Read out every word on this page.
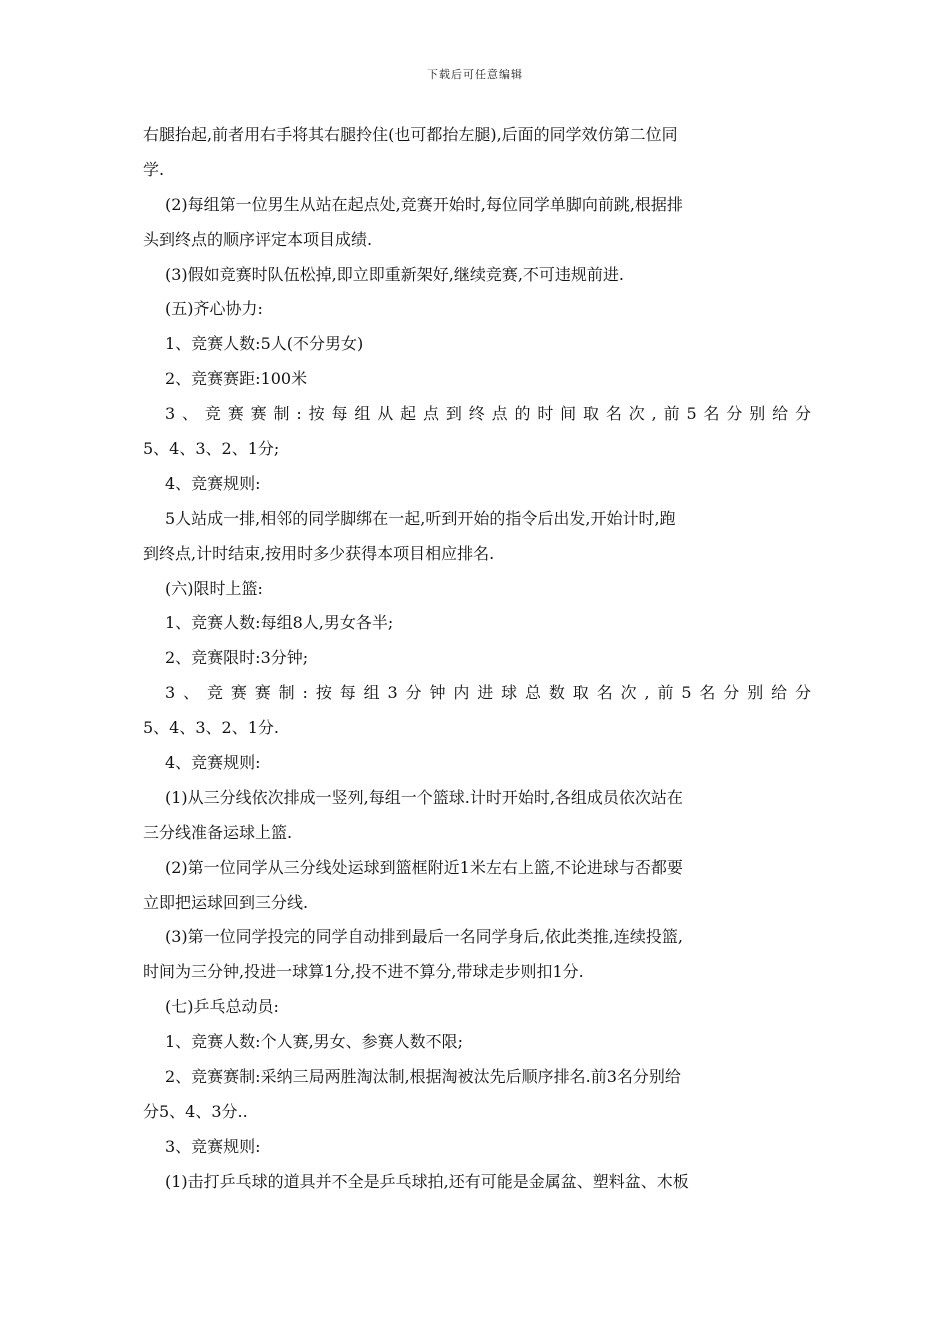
下载后可任意编辑
右腿抬起,前者用右手将其右腿拎住(也可都抬左腿),后面的同学效仿第二位同
学.
(2)每组第一位男生从站在起点处,竞赛开始时,每位同学单脚向前跳,根据排
头到终点的顺序评定本项目成绩.
(3)假如竞赛时队伍松掉,即立即重新架好,继续竞赛,不可违规前进.
(五)齐心协力:
1、竞赛人数:5人(不分男女)
2、竞赛赛距:100米
3、竞赛赛制:按每组从起点到终点的时间取名次,前5名分别给分
5、4、3、2、1分;
4、竞赛规则:
5人站成一排,相邻的同学脚绑在一起,听到开始的指令后出发,开始计时,跑
到终点,计时结束,按用时多少获得本项目相应排名.
(六)限时上篮:
1、竞赛人数:每组8人,男女各半;
2、竞赛限时:3分钟;
3、竞赛赛制:按每组3分钟内进球总数取名次,前5名分别给分
5、4、3、2、1分.
4、竞赛规则:
(1)从三分线依次排成一竖列,每组一个篮球.计时开始时,各组成员依次站在
三分线准备运球上篮.
(2)第一位同学从三分线处运球到篮框附近1米左右上篮,不论进球与否都要
立即把运球回到三分线.
(3)第一位同学投完的同学自动排到最后一名同学身后,依此类推,连续投篮,
时间为三分钟,投进一球算1分,投不进不算分,带球走步则扣1分.
(七)乒乓总动员:
1、竞赛人数:个人赛,男女、参赛人数不限;
2、竞赛赛制:采纳三局两胜淘汰制,根据淘被汰先后顺序排名.前3名分别给
分5、4、3分..
3、竞赛规则:
(1)击打乒乓球的道具并不全是乒乓球拍,还有可能是金属盆、塑料盆、木板
